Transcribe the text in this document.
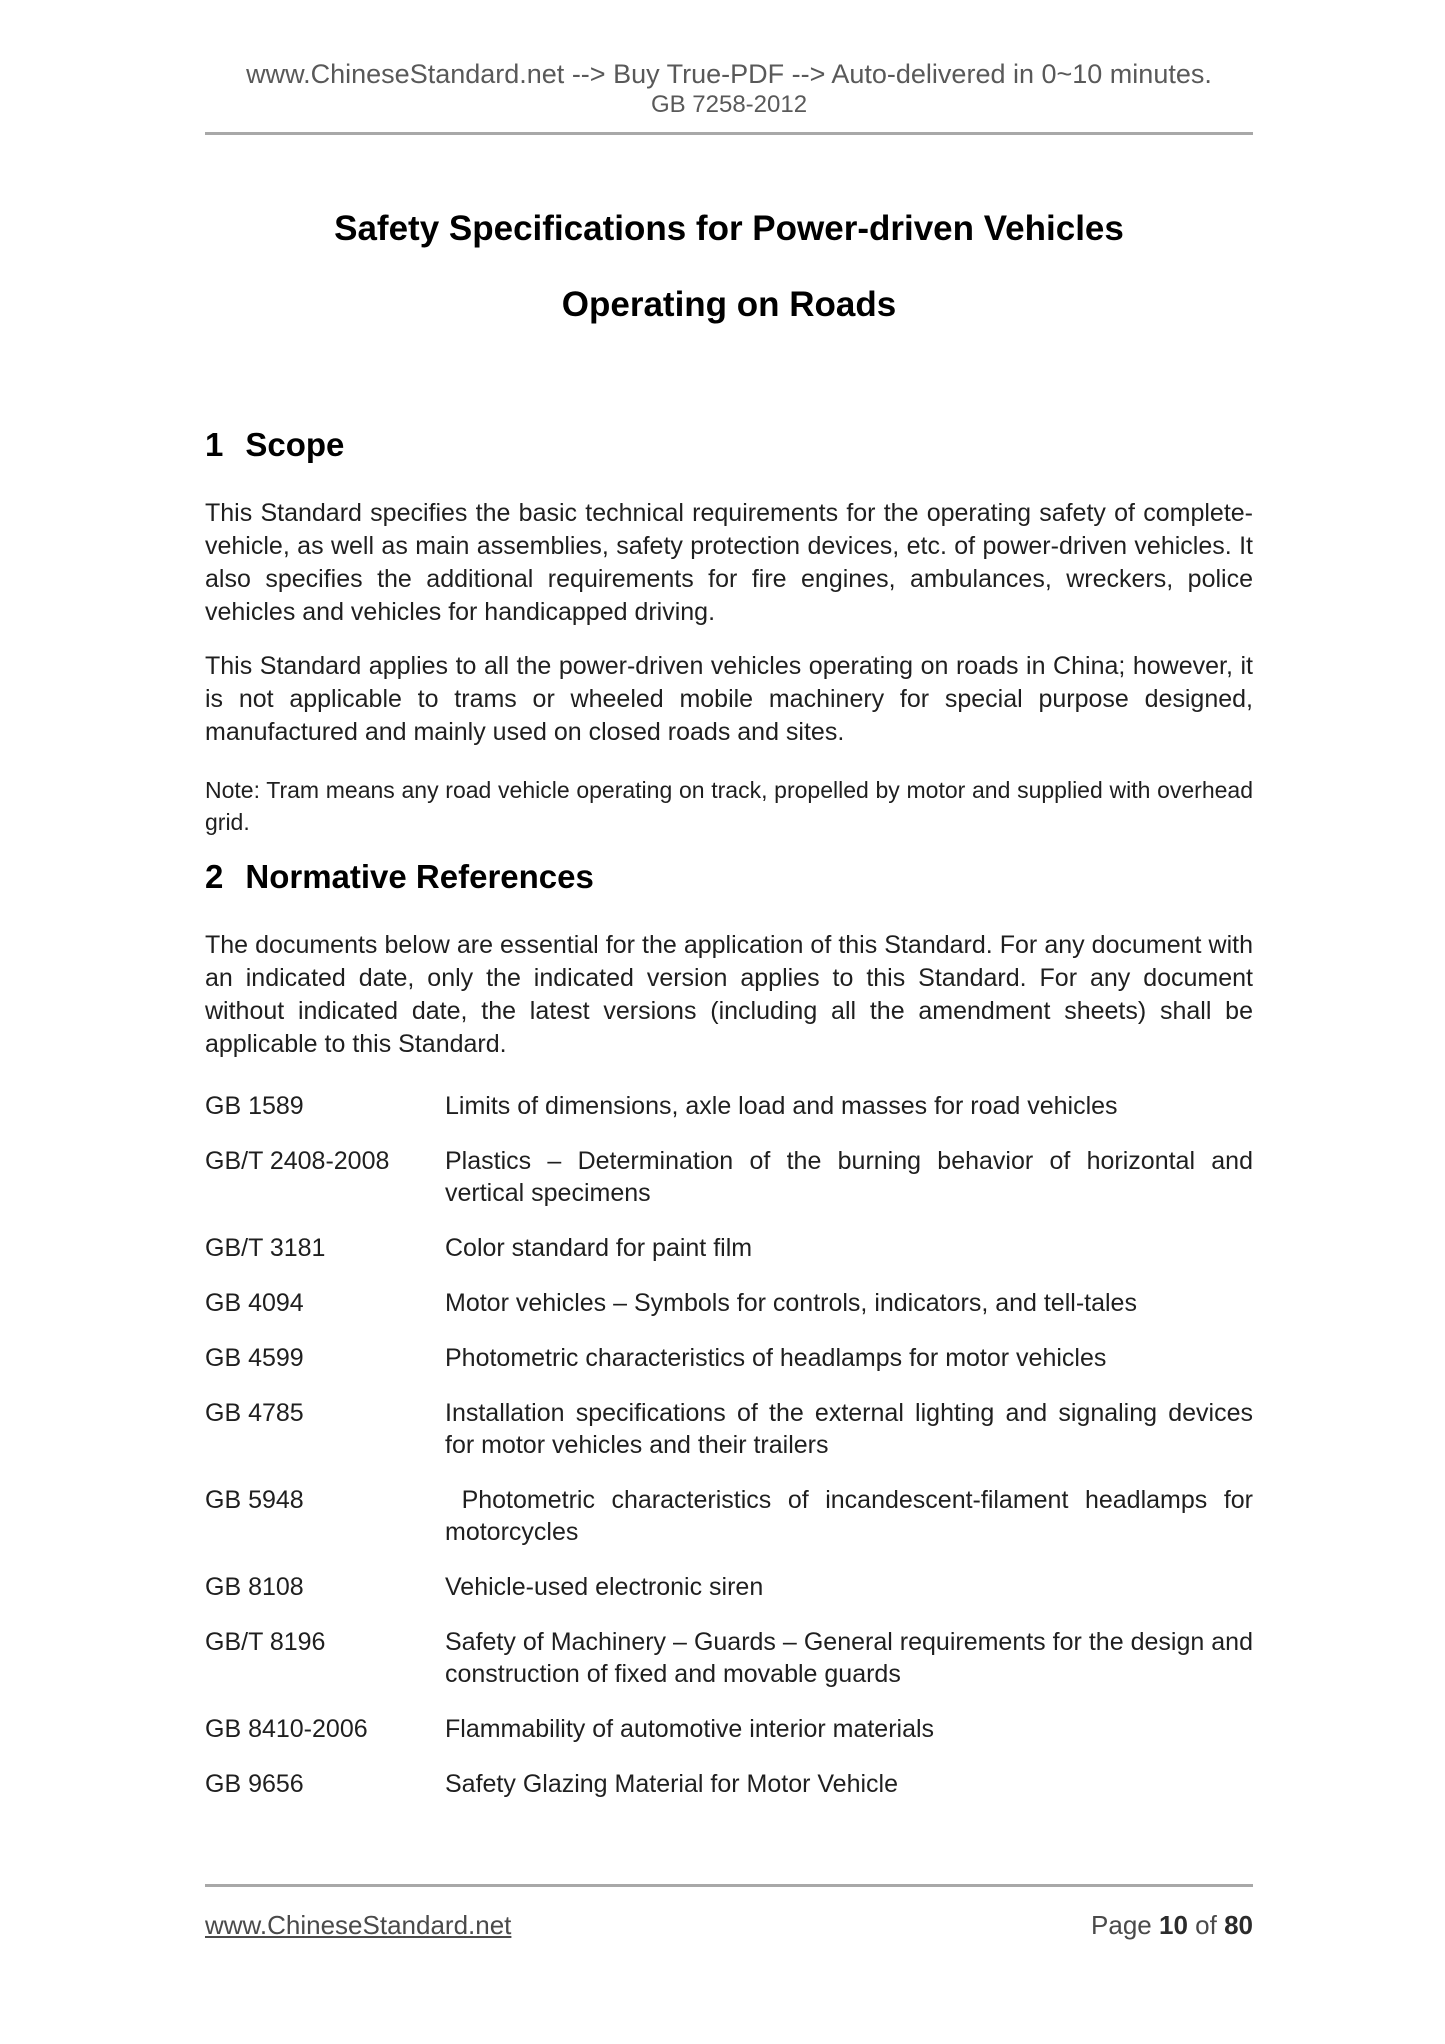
www.ChineseStandard.net --> Buy True-PDF --> Auto-delivered in 0~10 minutes.
GB 7258-2012
Safety Specifications for Power-driven Vehicles
Operating on Roads
1 Scope

This Standard specifies the basic technical requirements for the operating safety of complete-vehicle, as well as main assemblies, safety protection devices, etc. of power-driven vehicles. It also specifies the additional requirements for fire engines, ambulances, wreckers, police vehicles and vehicles for handicapped driving.

This Standard applies to all the power-driven vehicles operating on roads in China; however, it is not applicable to trams or wheeled mobile machinery for special purpose designed, manufactured and mainly used on closed roads and sites.

Note: Tram means any road vehicle operating on track, propelled by motor and supplied with overhead grid.

2 Normative References

The documents below are essential for the application of this Standard. For any document with an indicated date, only the indicated version applies to this Standard. For any document without indicated date, the latest versions (including all the amendment sheets) shall be applicable to this Standard.

GB 1589	Limits of dimensions, axle load and masses for road vehicles
GB/T 2408-2008	Plastics – Determination of the burning behavior of horizontal and vertical specimens
GB/T 3181	Color standard for paint film
GB 4094	Motor vehicles – Symbols for controls, indicators, and tell-tales
GB 4599	Photometric characteristics of headlamps for motor vehicles
GB 4785	Installation specifications of the external lighting and signaling devices for motor vehicles and their trailers
GB 5948	Photometric characteristics of incandescent-filament headlamps for motorcycles
GB 8108	Vehicle-used electronic siren
GB/T 8196	Safety of Machinery – Guards – General requirements for the design and construction of fixed and movable guards
GB 8410-2006	Flammability of automotive interior materials
GB 9656	Safety Glazing Material for Motor Vehicle
www.ChineseStandard.net	Page 10 of 80
